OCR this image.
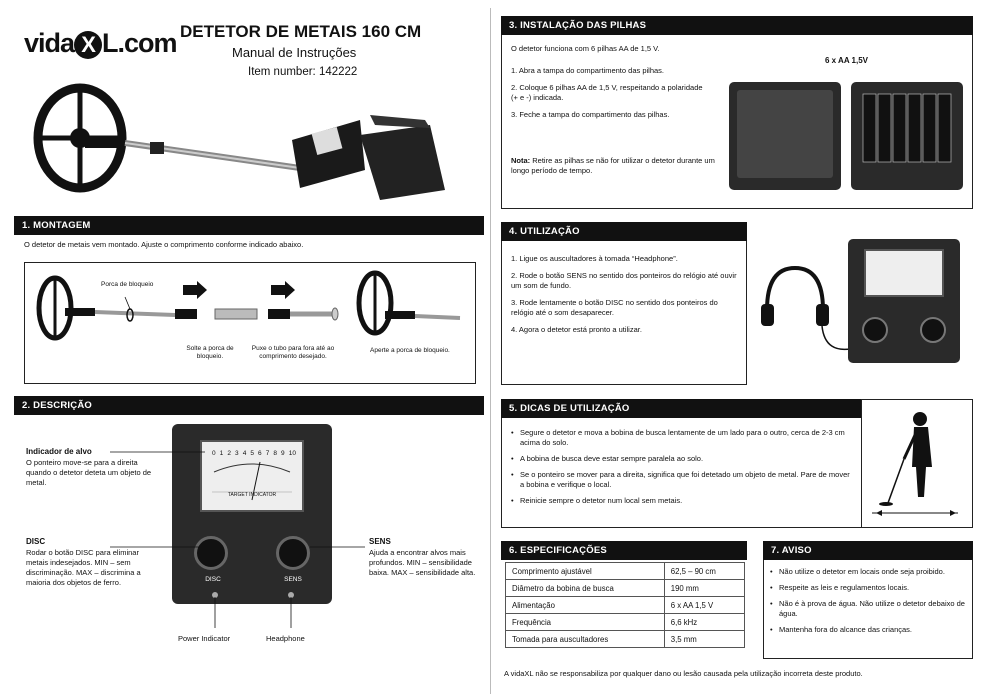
vida X L.com DETETOR DE METAIS 160 CM
Manual de Instruções
Item number: 142222
1. MONTAGEM
O detetor de metais vem montado. Ajuste o comprimento conforme indicado abaixo.
Porca de bloqueio
Solte a porca de bloqueio.
Puxe o tubo para fora até ao comprimento desejado.
Aperte a porca de bloqueio.
2. DESCRIÇÃO
Indicador de alvo
O ponteiro move-se para a direita quando o detetor deteta um objeto de metal.
DISC
Rodar o botão DISC para eliminar metais indesejados. MIN – sem discriminação. MAX – discrimina a maioria dos objetos de ferro.
SENS
Ajuda a encontrar alvos mais profundos. MIN – sensibilidade baixa. MAX – sensibilidade alta.
0 1 2 3 4 5 6 7 8 9 10
TARGET INDICATOR
DISC	SENS
Power Indicator	Headphone
3. INSTALAÇÃO DAS PILHAS
O detetor funciona com 6 pilhas AA de 1,5 V.
1. Abra a tampa do compartimento das pilhas.
2. Coloque 6 pilhas AA de 1,5 V, respeitando a polaridade (+ e -) indicada.
3. Feche a tampa do compartimento das pilhas.
Nota: Retire as pilhas se não for utilizar o detetor durante um longo período de tempo.
6 x AA 1,5V
4. UTILIZAÇÃO
1. Ligue os auscultadores à tomada “Headphone”.
2. Rode o botão SENS no sentido dos ponteiros do relógio até ouvir um som de fundo.
3. Rode lentamente o botão DISC no sentido dos ponteiros do relógio até o som desaparecer.
4. Agora o detetor está pronto a utilizar.
5. DICAS DE UTILIZAÇÃO
• Segure o detetor e mova a bobina de busca lentamente de um lado para o outro, cerca de 2-3 cm acima do solo.
• A bobina de busca deve estar sempre paralela ao solo.
• Se o ponteiro se mover para a direita, significa que foi detetado um objeto de metal. Pare de mover a bobina e verifique o local.
• Reinicie sempre o detetor num local sem metais.
6. ESPECIFICAÇÕES
Comprimento ajustável	62,5 – 90 cm
Diâmetro da bobina de busca	190 mm
Alimentação	6 x AA 1,5 V
Frequência	6,6 kHz
Tomada para auscultadores	3,5 mm
7. AVISO
• Não utilize o detetor em locais onde seja proibido.
• Respeite as leis e regulamentos locais.
• Não é à prova de água. Não utilize o detetor debaixo de água.
• Mantenha fora do alcance das crianças.
A vidaXL não se responsabiliza por qualquer dano ou lesão causada pela utilização incorreta deste produto.
